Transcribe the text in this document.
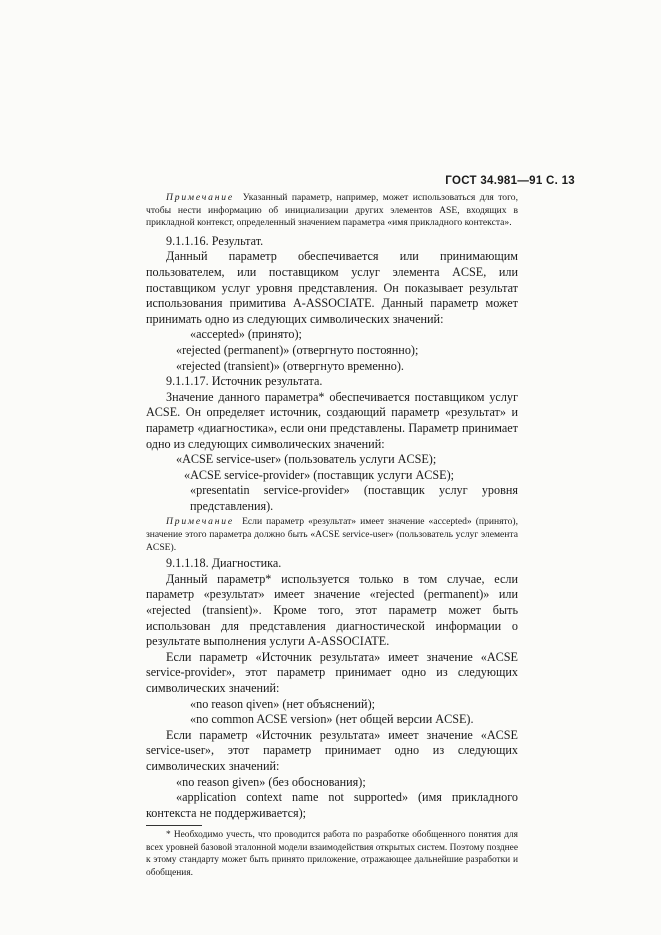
ГОСТ 34.981—91 С. 13

Примечание Указанный параметр, например, может использоваться для того, чтобы нести информацию об инициализации других элементов ASE, входящих в прикладной контекст, определенный значением параметра «имя прикладного контекста».

9.1.1.16. Результат.

Данный параметр обеспечивается или принимающим пользователем, или поставщиком услуг элемента ACSE, или поставщиком услуг уровня представления. Он показывает результат использования примитива A-ASSOCIATE. Данный параметр может принимать одно из следующих символических значений:

«accepted» (принято);

«rejected (permanent)» (отвергнуто постоянно);

«rejected (transient)» (отвергнуто временно).

9.1.1.17. Источник результата.

Значение данного параметра* обеспечивается поставщиком услуг ACSE. Он определяет источник, создающий параметр «результат» и параметр «диагностика», если они представлены. Параметр принимает одно из следующих символических значений:

«ACSE service-user» (пользователь услуги ACSE);

«ACSE service-provider» (поставщик услуги ACSE);

«presentatin service-provider» (поставщик услуг уровня представления).

Примечание Если параметр «результат» имеет значение «accepted» (принято), значение этого параметра должно быть «ACSE service-user» (пользователь услуг элемента ACSE).

9.1.1.18. Диагностика.

Данный параметр* используется только в том случае, если параметр «результат» имеет значение «rejected (permanent)» или «rejected (transient)». Кроме того, этот параметр может быть использован для представления диагностической информации о результате выполнения услуги A-ASSOCIATE.

Если параметр «Источник результата» имеет значение «ACSE service-provider», этот параметр принимает одно из следующих символических значений:

«no reason qiven» (нет объяснений);

«no common ACSE version» (нет общей версии ACSE).

Если параметр «Источник результата» имеет значение «ACSE service-user», этот параметр принимает одно из следующих символических значений:

«no reason given» (без обоснования);

«application context name not supported» (имя прикладного контекста не поддерживается);

* Необходимо учесть, что проводится работа по разработке обобщенного понятия для всех уровней базовой эталонной модели взаимодействия открытых систем. Поэтому позднее к этому стандарту может быть принято приложение, отражающее дальнейшие разработки и обобщения.
